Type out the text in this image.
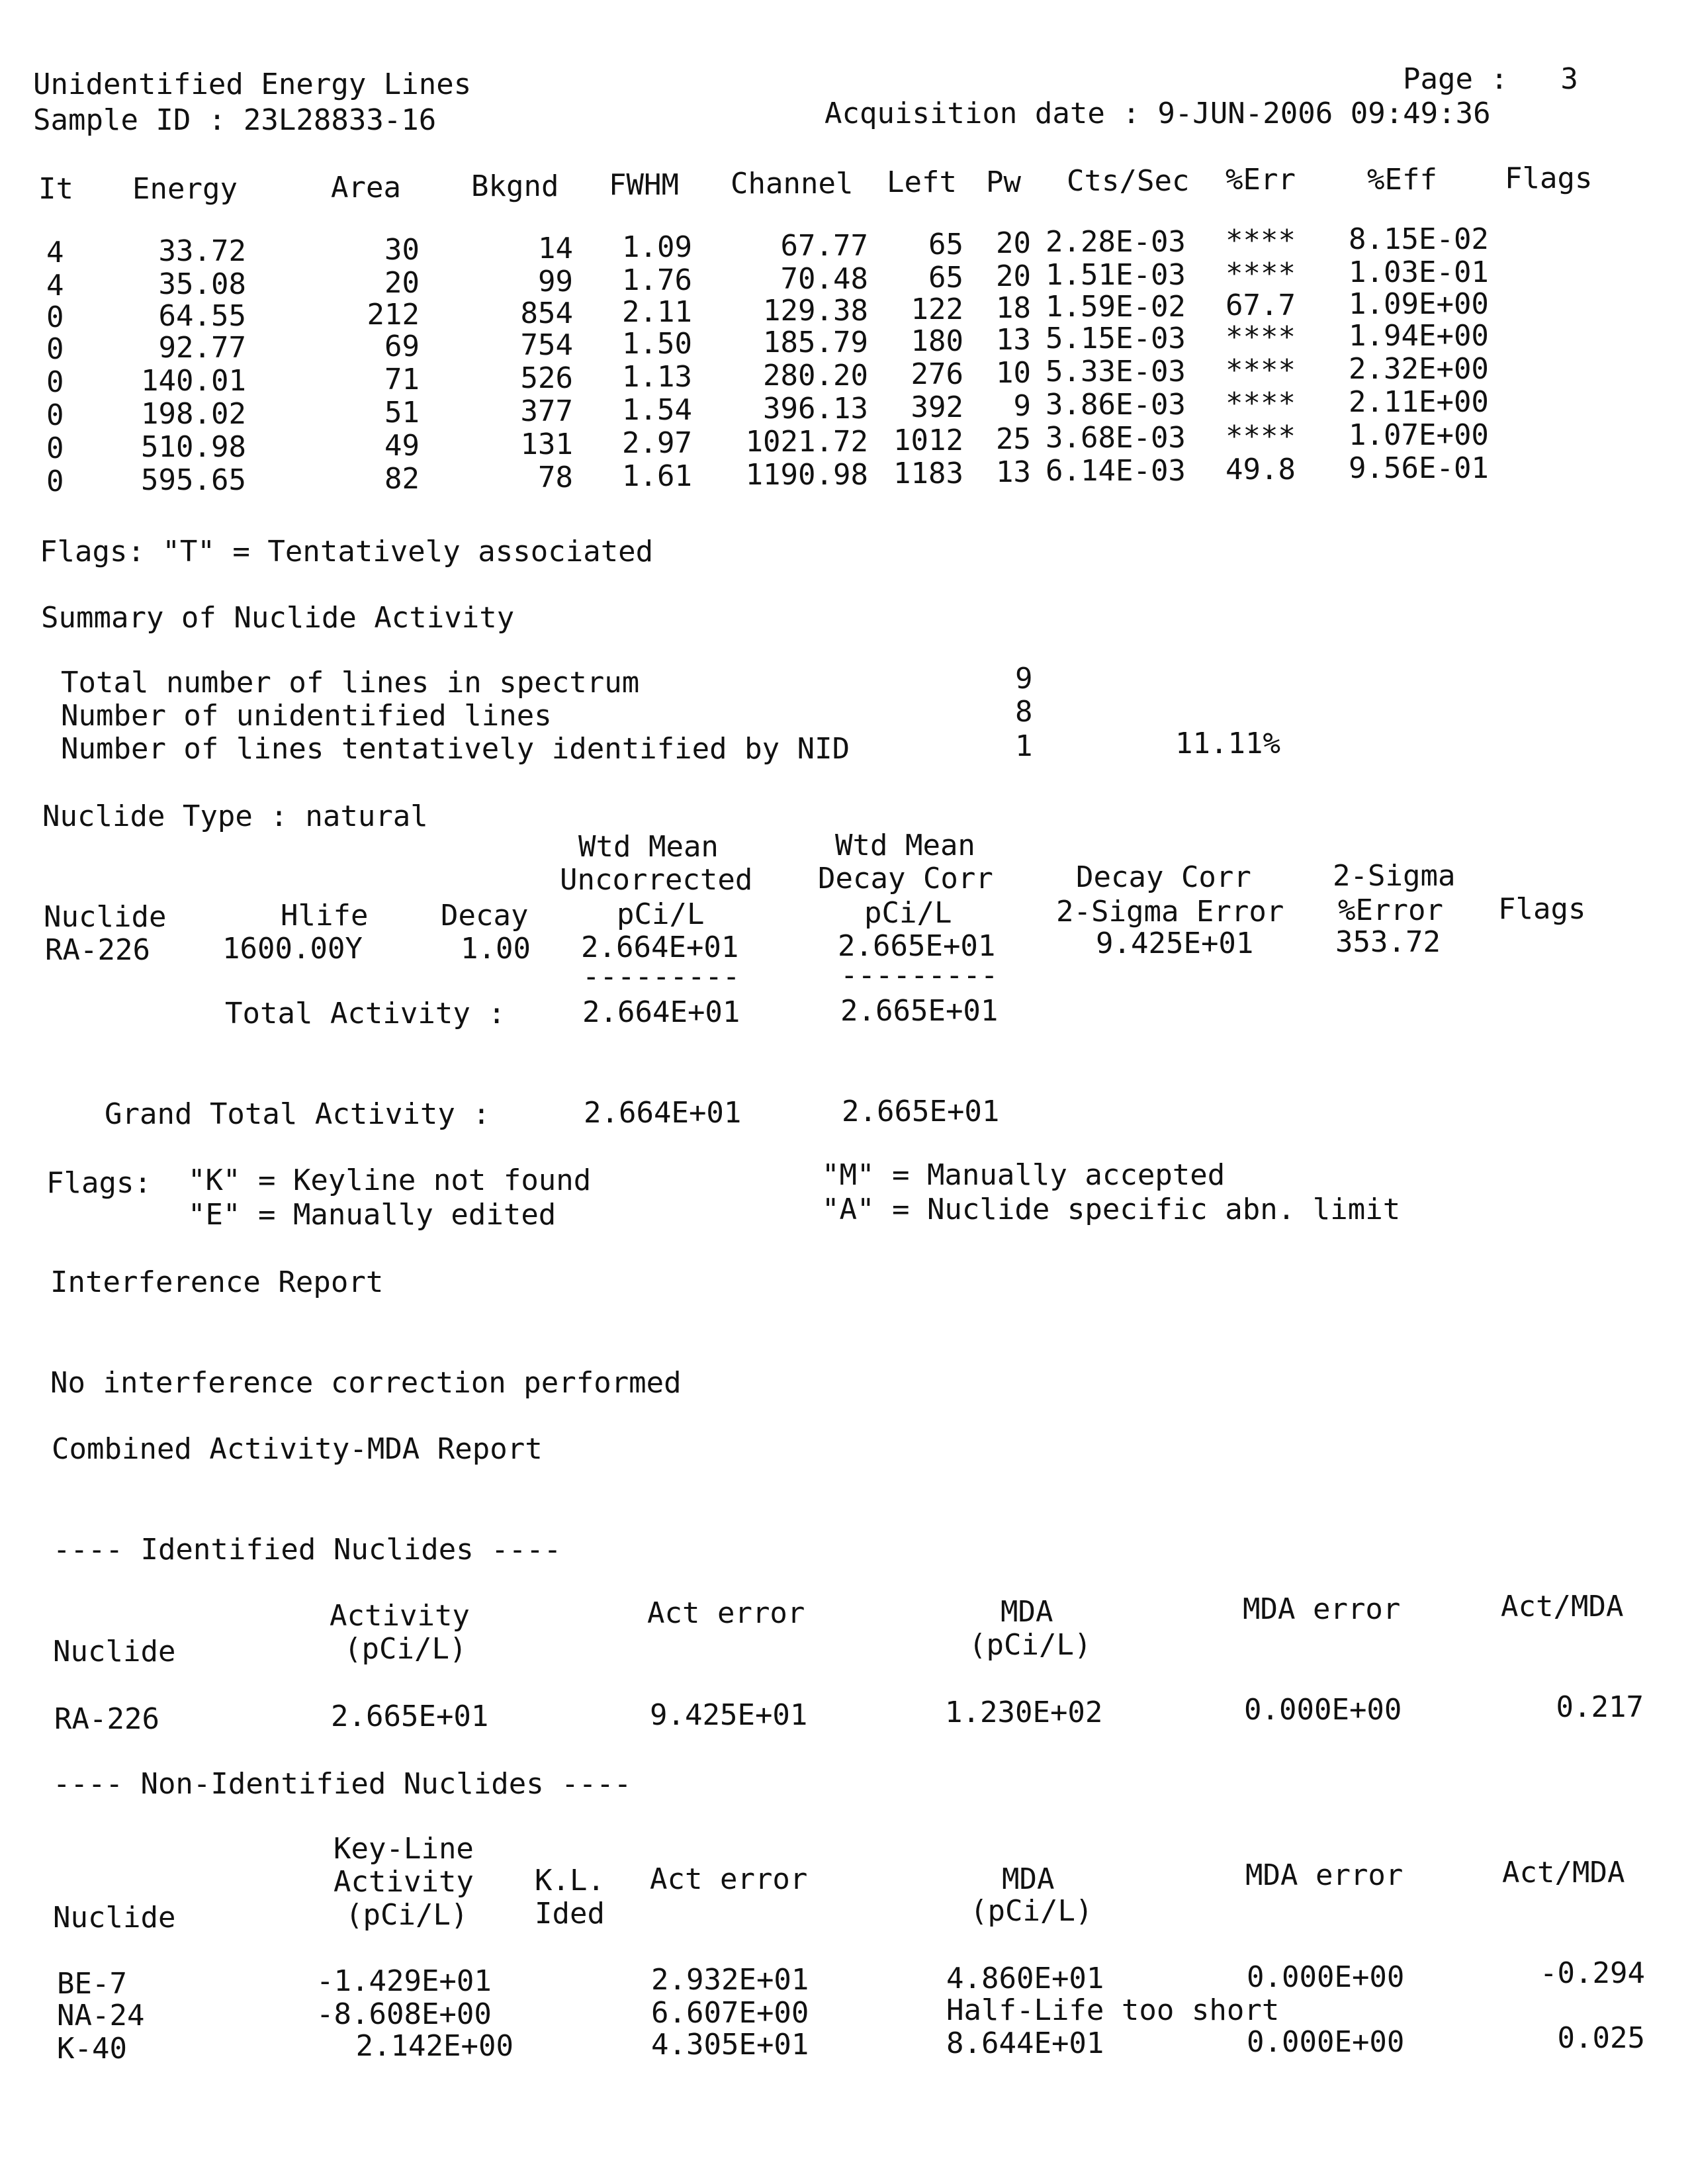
Unidentified Energy Lines
Sample ID : 23L28833-16
Page :   3
Acquisition date : 9-JUN-2006 09:49:36
It Energy	Area Bkgnd FWHM Channel Left Pw Cts/Sec %Err %Eff Flags
4	33.72	30	14	1.09	67.77	65	20 2.28E-03	****	8.15E-02
4	35.08	20	99	1.76	70.48	65	20 1.51E-03	****	1.03E-01
0	64.55	212	854	2.11	129.38	122	18 1.59E-02	67.7	1.09E+00
0	92.77	69	754	1.50	185.79	180	13 5.15E-03	****	1.94E+00
0	140.01	71	526	1.13	280.20	276	10 5.33E-03	****	2.32E+00
0	198.02	51	377	1.54	396.13	392	9 3.86E-03	****	2.11E+00
0	510.98	49	131	2.97	1021.72 1012	25 3.68E-03	****	1.07E+00
0	595.65	82	78	1.61	1190.98 1183	13 6.14E-03	49.8	9.56E-01
Flags: "T" = Tentatively associated
Summary of Nuclide Activity
Total number of lines in spectrum	9
Number of unidentified lines	8
Number of lines tentatively identified by NID	1	11.11%
Nuclide Type : natural
Wtd Mean	Wtd Mean
Uncorrected Decay Corr	Decay Corr	2-Sigma
Nuclide	Hlife Decay	pCi/L	pCi/L	2-Sigma Error %Error Flags
RA-226 1600.00Y	1.00 2.664E+01	2.665E+01	9.425E+01	353.72
---------	---------
Total Activity :	2.664E+01	2.665E+01
Grand Total Activity :	2.664E+01	2.665E+01
Flags: "K" = Keyline not found
"E" = Manually edited
"M" = Manually accepted
"A" = Nuclide specific abn. limit
Interference Report
No interference correction performed
Combined Activity-MDA Report
---- Identified Nuclides ----
Activity
(pCi/L)
Nuclide
Act error	MDA
(pCi/L)
MDA error	Act/MDA
RA-226	2.665E+01	9.425E+01	1.230E+02	0.000E+00	0.217
---- Non-Identified Nuclides ----
Key-Line
Activity
(pCi/L)
Nuclide
K.L.
Ided
Act error	MDA
(pCi/L)
MDA error	Act/MDA
BE-7	-1.429E+01	2.932E+01	4.860E+01	0.000E+00	-0.294
NA-24	-8.608E+00	6.607E+00	Half-Life too short
K-40	2.142E+00	4.305E+01	8.644E+01	0.000E+00	0.025
